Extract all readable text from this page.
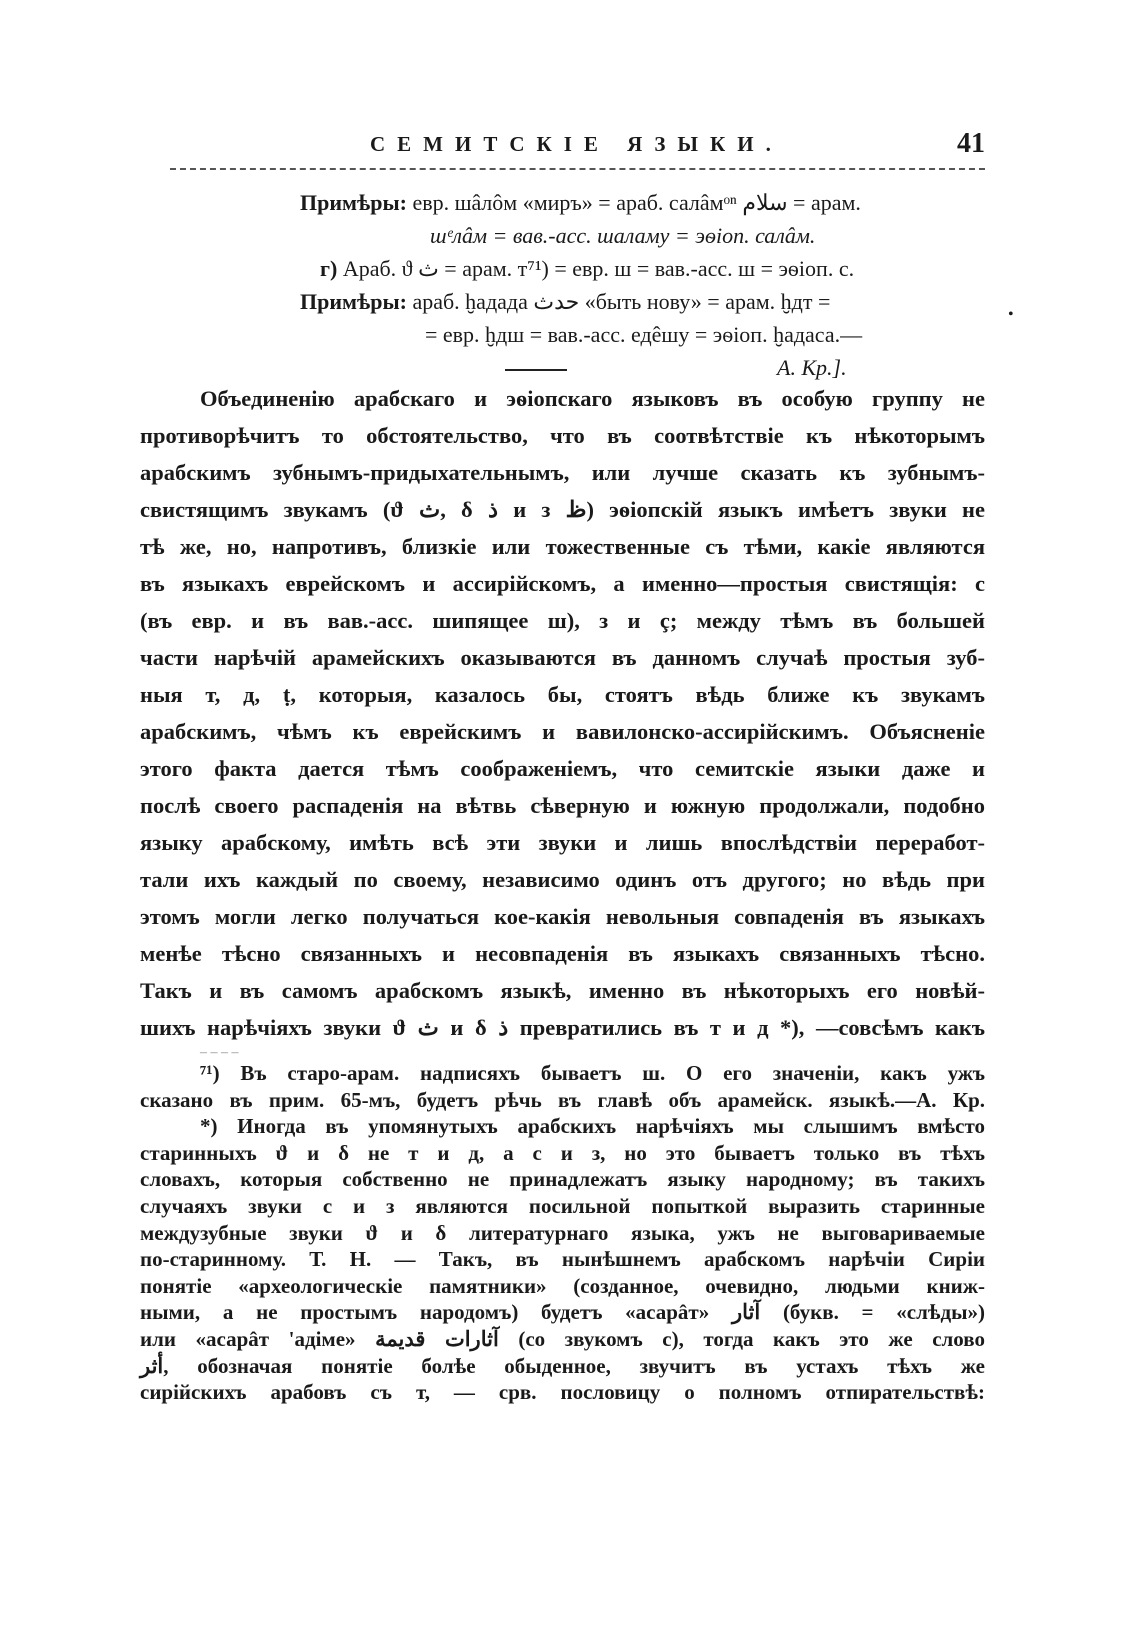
СЕМИТСКІЕ ЯЗЫКИ.	41
Примѣры: евр. шâлôм «миръ» = араб. салâмᵒⁿ سلام = арам.
шᵉлâм = вав.-асс. шаламу = эѳіоп. салâм.
г) Араб. ϑ ث = арам. т⁷¹) = евр. ш = вав.-асс. ш = эѳіоп. с.
Примѣры: араб. ḫадада حدث «быть нову» = арам. ḫдт =
= евр. ḫдш = вав.-асс. едêшу = эѳіоп. ḫадаса.—
А. Кр.].
•
Объединенію арабскаго и эѳіопскаго языковъ въ особую группу не
противорѣчитъ то обстоятельство, что въ соотвѣтствіе къ нѣкоторымъ
арабскимъ зубнымъ-придыхательнымъ, или лучше сказать къ зубнымъ-
свистящимъ звукамъ (ϑ ث, δ ذ и з ظ) эѳіопскій языкъ имѣетъ звуки не
тѣ же, но, напротивъ, близкіе или тожественные съ тѣми, какіе являются
въ языкахъ еврейскомъ и ассирійскомъ, а именно—простыя свистящія: с
(въ евр. и въ вав.-асс. шипящее ш), з и ç; между тѣмъ въ большей
части нарѣчій арамейскихъ оказываются въ данномъ случаѣ простыя зуб-
ныя т, д, ṭ, которыя, казалось бы, стоятъ вѣдь ближе къ звукамъ
арабскимъ, чѣмъ къ еврейскимъ и вавилонско-ассирійскимъ. Объясненіе
этого факта дается тѣмъ соображеніемъ, что семитскіе языки даже и
послѣ своего распаденія на вѣтвь сѣверную и южную продолжали, подобно
языку арабскому, имѣть всѣ эти звуки и лишь впослѣдствіи переработ-
тали ихъ каждый по своему, независимо одинъ отъ другого; но вѣдь при
этомъ могли легко получаться кое-какія невольныя совпаденія въ языкахъ
менѣе тѣсно связанныхъ и несовпаденія въ языкахъ связанныхъ тѣсно.
Такъ и въ самомъ арабскомъ языкѣ, именно въ нѣкоторыхъ его новѣй-
шихъ нарѣчіяхъ звуки ϑ ث и δ ذ превратились въ т и д *), —совсѣмъ какъ
– – – –
⁷¹) Въ старо-арам. надписяхъ бываетъ ш. О его значеніи, какъ ужъ
сказано въ прим. 65-мъ, будетъ рѣчь въ главѣ объ арамейск. языкѣ.—А. Кр.
*) Иногда въ упомянутыхъ арабскихъ нарѣчіяхъ мы слышимъ вмѣсто
старинныхъ ϑ и δ не т и д, а с и з, но это бываетъ только въ тѣхъ
словахъ, которыя собственно не принадлежатъ языку народному; въ такихъ
случаяхъ звуки с и з являются посильной попыткой выразить старинные
междузубные звуки ϑ и δ литературнаго языка, ужъ не выговариваемые
по-старинному. Т. Н. — Такъ, въ нынѣшнемъ арабскомъ нарѣчіи Сиріи
понятіе «археологическіе памятники» (созданное, очевидно, людьми книж-
ными, а не простымъ народомъ) будетъ «асарâт» آثار (букв. = «слѣды»)
или «асарâт 'адіме» آثارات قديمة (со звукомъ с), тогда какъ это же слово
أثر, обозначая понятіе болѣе обыденное, звучитъ въ устахъ тѣхъ же
сирійскихъ арабовъ съ т, — срв. пословицу о полномъ отпирательствѣ:
